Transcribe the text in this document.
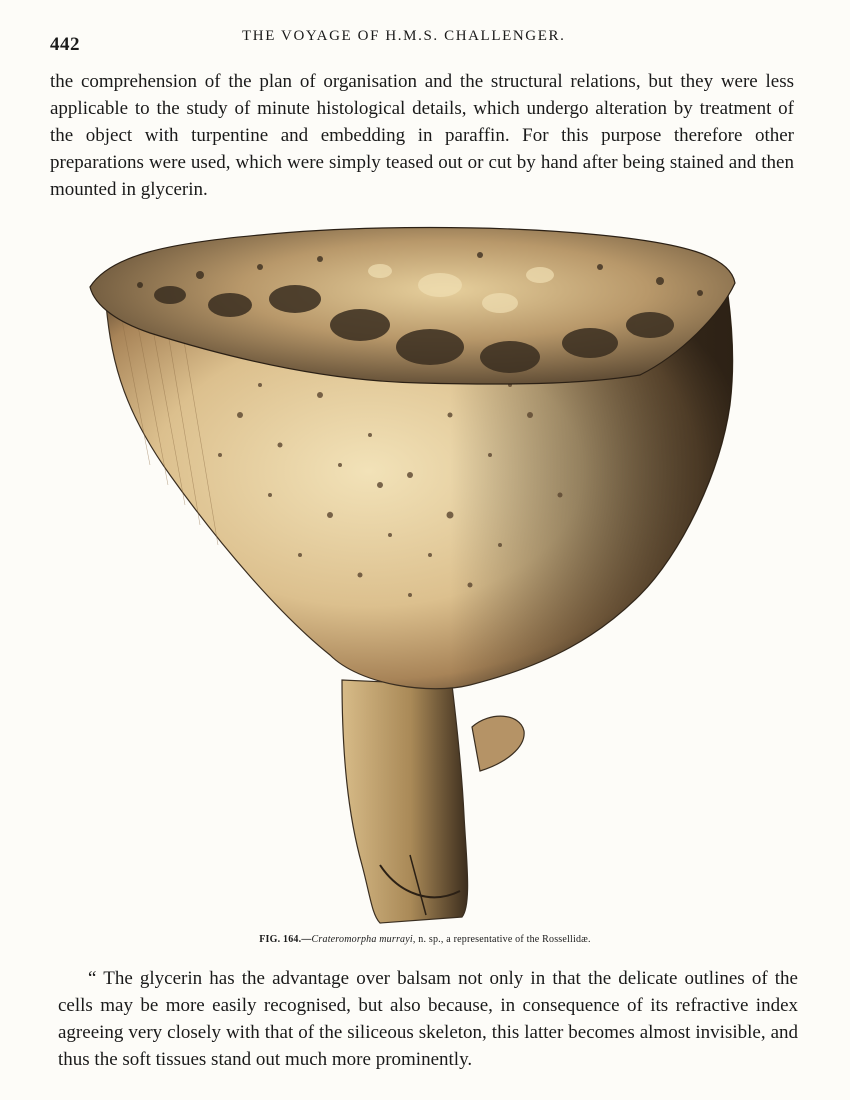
442	THE VOYAGE OF H.M.S. CHALLENGER.

the comprehension of the plan of organisation and the structural relations, but they were less applicable to the study of minute histological details, which undergo alteration by treatment of the object with turpentine and embedding in paraffin. For this purpose therefore other preparations were used, which were simply teased out or cut by hand after being stained and then mounted in glycerin.

FIG. 164.—Crateromorpha murrayi, n. sp., a representative of the Rossellidæ.

“ The glycerin has the advantage over balsam not only in that the delicate outlines of the cells may be more easily recognised, but also because, in consequence of its refractive index agreeing very closely with that of the siliceous skeleton, this latter becomes almost invisible, and thus the soft tissues stand out much more prominently.
